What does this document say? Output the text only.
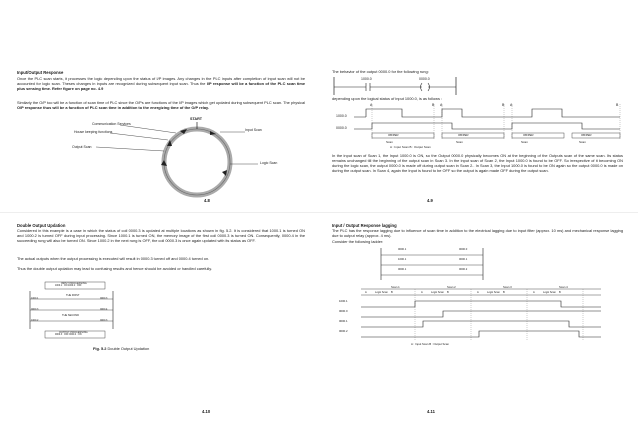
Input/Output Response
Once the PLC scan starts, it processes the logic depending upon the status of I/P images. Any changes in the PLC inputs after completion of input scan will not be accounted for logic scan. Theses changes in inputs are recognized during subsequent input scan. Thus the I/P response will be a function of the PLC scan time plus sensing time. Refer figure on page no. 4.9
Similarly the O/P too will be a function of scan time of PLC since the O/Ps are functions of the I/P images which get updated during subsequent PLC scan. The physical O/P response thus will be a function of PLC scan time in addition to the energizing time of the O/P relay.
START
Communication Services
House keeping functions	Input Scan
Output Scan
Logic Scan
4.8
The behavior of the output 0000.0 for the following rung:
1000.0	0000.0
depending upon the logical status of input 1000.0, is as follows :
A	B A	B A	B
1000.0
0000.0
OB/PER	OB/PER	OB/PER	OB/PER
Scan	Scan	Scan	Scan
A : Input Scan B : Output Scan
In the input scan of Scan 1, the Input 1000.0 is ON, so the Output 0000.0 physically becomes ON at the beginning of the Outputs scan of the same scan. Its status remains unchanged till the beginning of the output scan in Scan 3. In the input scan of Scan 2, the Input 1000.0 is found to be OFF. So irrespective of it becoming ON during the logic scan, the output 0000.0 is made off during output scan in Scan 2.. In Scan 3, the Input 1000.0 is found to be ON again so the output 0000.0 is made on during the output scan. In Scan 4, again the Input is found to be OFF so the output is again made OFF during the output scan.
4.9
Double Output Updation
Considered in this example is a case in which the status of coil 0000.3 is updated at multiple locations as shown in fig. 5.2. It is considered that 1000.1 is turned ON and 1000.2 is turned OFF during input processing. Since 1000.1 is turned ON, the memory image of the first coil 0000.3 is turned ON. Consequently, 0000.4 in the succeeding rung will also be turned ON. Since 1000.2 in the next rung is OFF, the coil 0000.3 is once again updated with its status as OFF.
The actual outputs when the output processing is executed will result in 0000.3 turned off and 0000.4 turned on.
Thus the double output updation may lead to confusing results and hence should be avoided or handled carefully.
INPUT PROCESSING
1000.1 : ON 1000.2 : OFF
THE FIRST
1000.1	0000.3
0000.3	0000.4
THE SECOND
1000.2	0000.3
OUTPUT PROCESSING
0000.3 : OFF 0000.4 : ON
Fig. 5.2 Double Output Updation
4.10
Input / Output Response lagging
The PLC has the response lagging due to influence of scan time in addition to the electrical lagging due to input filter (approx. 10 ms) and mechanical response lagging due to output relay (approx. 4 ms).
Consider the following ladder:
0000.1	0000.0
1000.1	0000.1
0000.1	0000.2
Scan 1	Scan 2	Scan 3	Scan 4
A	Logic Scan B	A	Logic Scan B	A	Logic Scan B	A	Logic Scan B
1000.1
0000.0
0000.1
0000.2
A : Input Scan B : Output Scan
4.11
